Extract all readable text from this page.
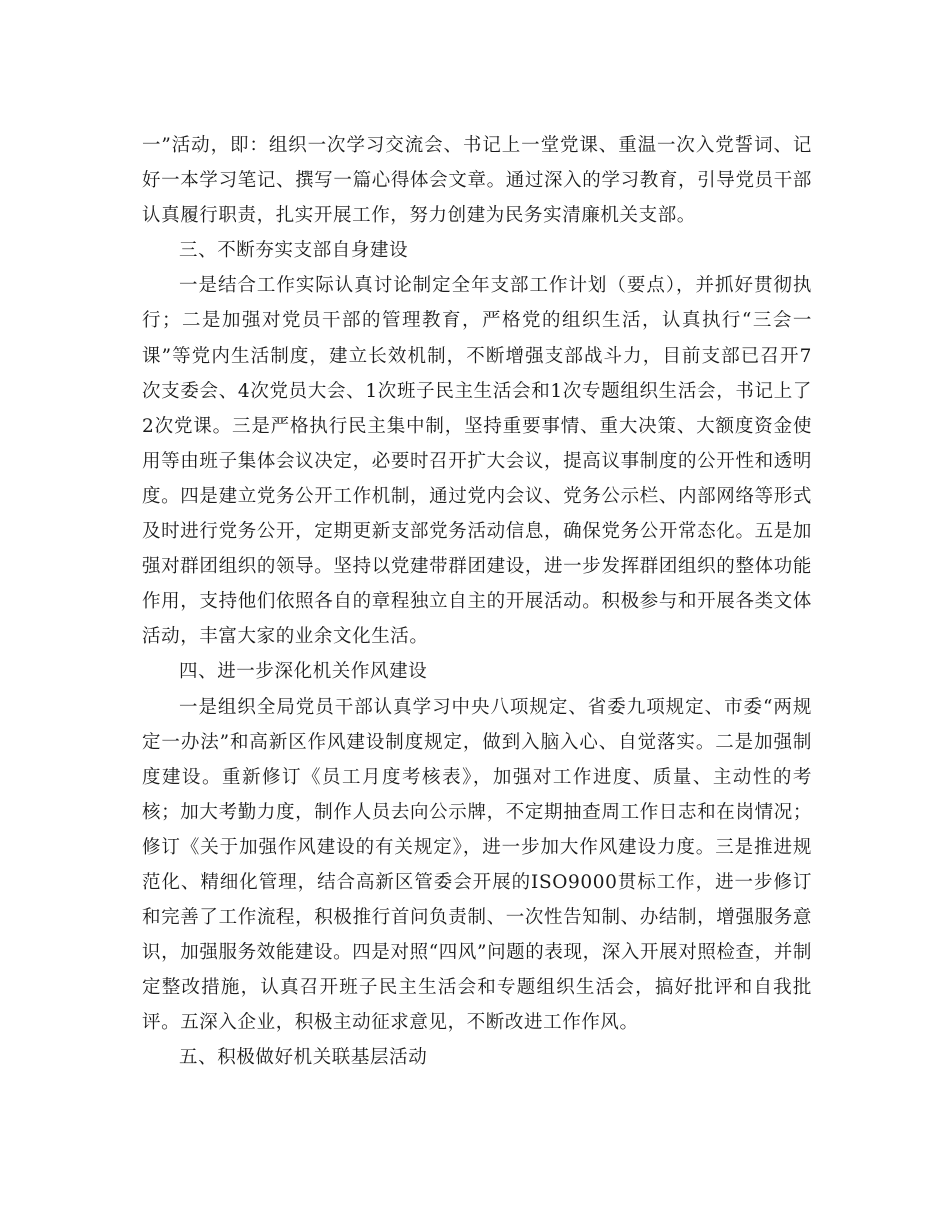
一”活动，即：组织一次学习交流会、书记上一堂党课、重温一次入党誓词、记好一本学习笔记、撰写一篇心得体会文章。通过深入的学习教育，引导党员干部认真履行职责，扎实开展工作，努力创建为民务实清廉机关支部。

三、不断夯实支部自身建设

一是结合工作实际认真讨论制定全年支部工作计划（要点），并抓好贯彻执行；二是加强对党员干部的管理教育，严格党的组织生活，认真执行“三会一课”等党内生活制度，建立长效机制，不断增强支部战斗力，目前支部已召开7次支委会、4次党员大会、1次班子民主生活会和1次专题组织生活会，书记上了2次党课。三是严格执行民主集中制，坚持重要事情、重大决策、大额度资金使用等由班子集体会议决定，必要时召开扩大会议，提高议事制度的公开性和透明度。四是建立党务公开工作机制，通过党内会议、党务公示栏、内部网络等形式及时进行党务公开，定期更新支部党务活动信息，确保党务公开常态化。五是加强对群团组织的领导。坚持以党建带群团建设，进一步发挥群团组织的整体功能作用，支持他们依照各自的章程独立自主的开展活动。积极参与和开展各类文体活动，丰富大家的业余文化生活。

四、进一步深化机关作风建设

一是组织全局党员干部认真学习中央八项规定、省委九项规定、市委“两规定一办法”和高新区作风建设制度规定，做到入脑入心、自觉落实。二是加强制度建设。重新修订《员工月度考核表》，加强对工作进度、质量、主动性的考核；加大考勤力度，制作人员去向公示牌，不定期抽查周工作日志和在岗情况；修订《关于加强作风建设的有关规定》，进一步加大作风建设力度。三是推进规范化、精细化管理，结合高新区管委会开展的ISO9000贯标工作，进一步修订和完善了工作流程，积极推行首问负责制、一次性告知制、办结制，增强服务意识，加强服务效能建设。四是对照“四风”问题的表现，深入开展对照检查，并制定整改措施，认真召开班子民主生活会和专题组织生活会，搞好批评和自我批评。五深入企业，积极主动征求意见，不断改进工作作风。

五、积极做好机关联基层活动
